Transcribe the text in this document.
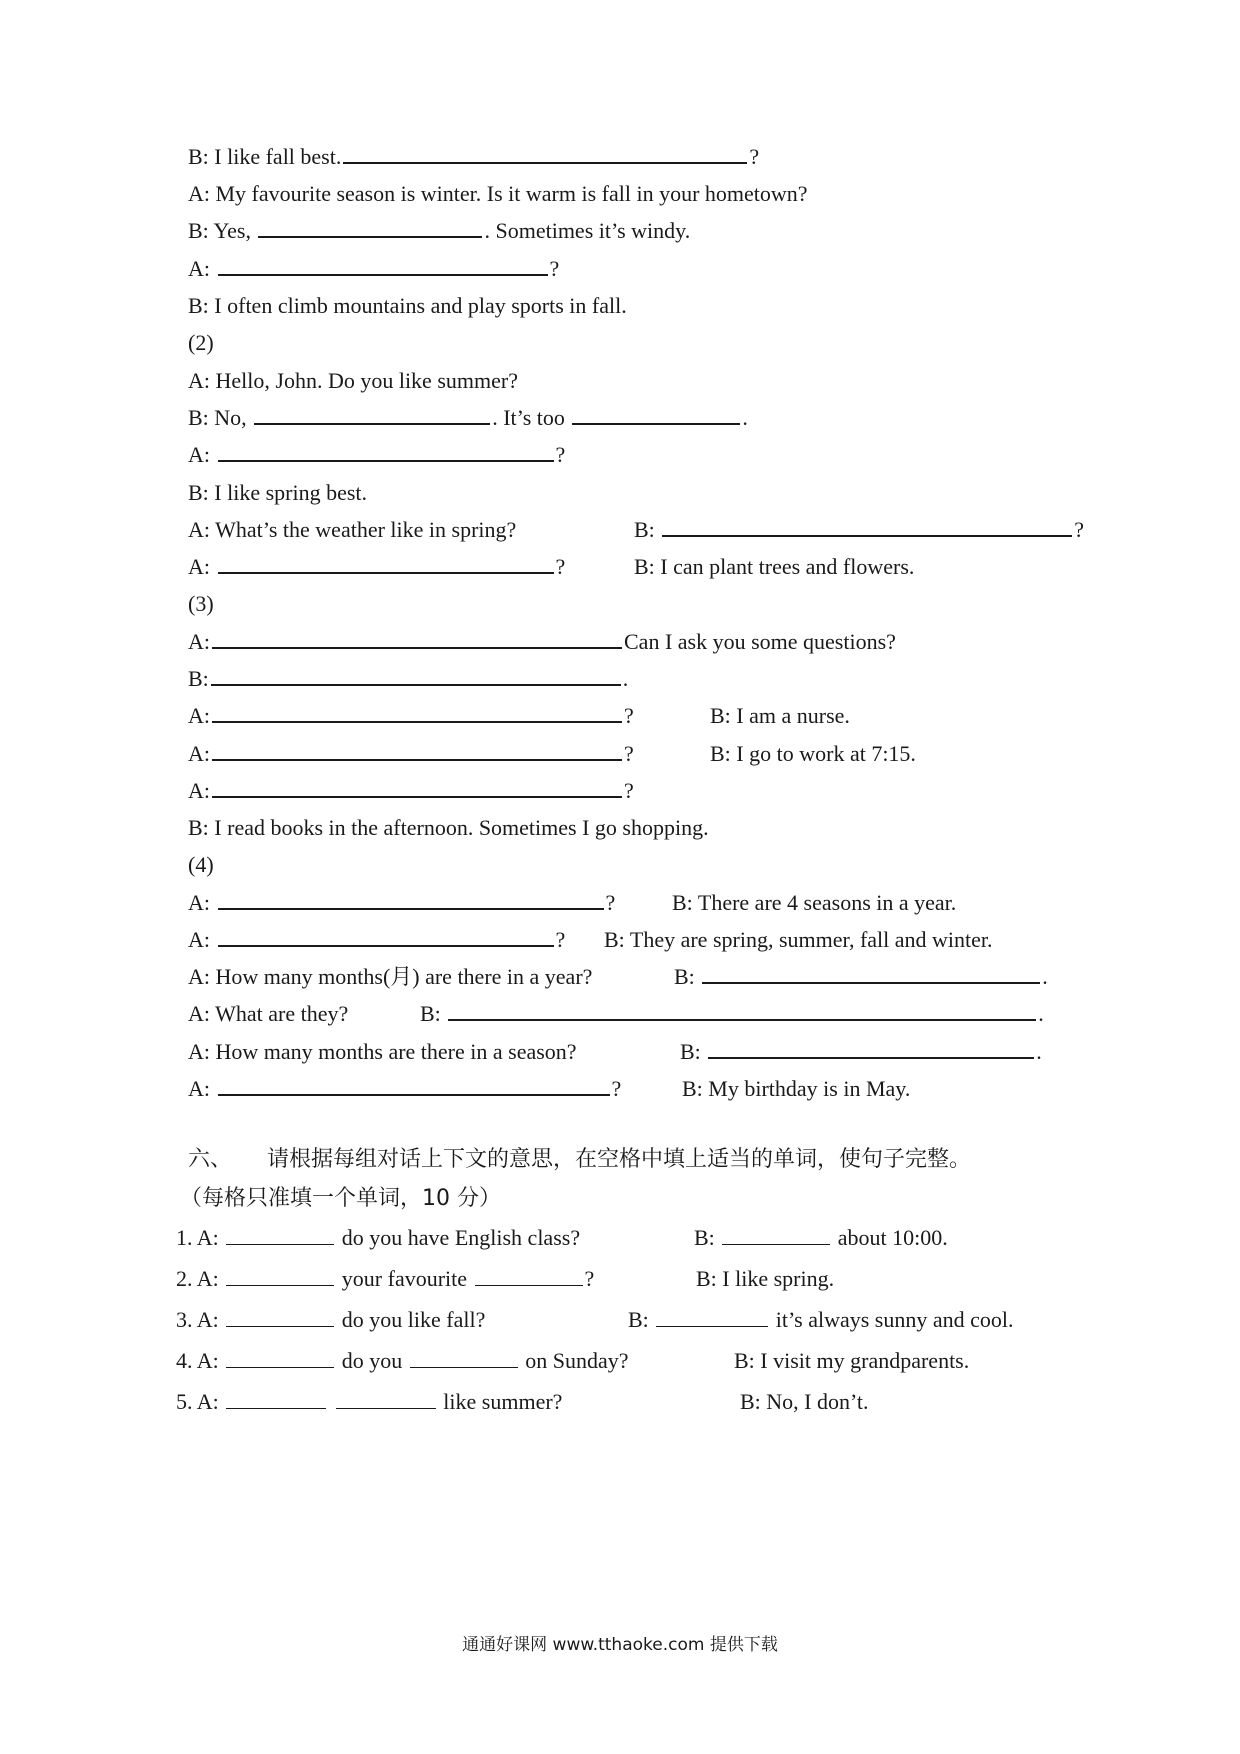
B: I like fall best.	?
A: My favourite season is winter. Is it warm is fall in your hometown?
B: Yes,	. Sometimes it’s windy.
A:	?
B: I often climb mountains and play sports in fall.
(2)
A: Hello, John. Do you like summer?
B: No,	. It’s too	.
A:	?
B: I like spring best.
A: What’s the weather like in spring?	B:	?
A:	?	B: I can plant trees and flowers.
(3)
A:	Can I ask you some questions?
B:	.
A:	?	B: I am a nurse.
A:	?	B: I go to work at 7:15.
A:	?
B: I read books in the afternoon. Sometimes I go shopping.
(4)
A:	?	B: There are 4 seasons in a year.
A:	? B: They are spring, summer, fall and winter.
A: How many months(月) are there in a year?	B:	.
A: What are they?	B:	.
A: How many months are there in a season?	B:	.
A:	?	B: My birthday is in May.
六、 请根据每组对话上下文的意思，在空格中填上适当的单词，使句子完整。
（每格只准填一个单词，10 分）
1. A:	do you have English class?	B:	about 10:00.
2. A:	your favourite	?	B: I like spring.
3. A:	do you like fall?	B:	it’s always sunny and cool.
4. A:	do you	on Sunday?	B: I visit my grandparents.
5. A:	like summer?	B: No, I don’t.
通通好课网 www.tthaoke.com 提供下载
